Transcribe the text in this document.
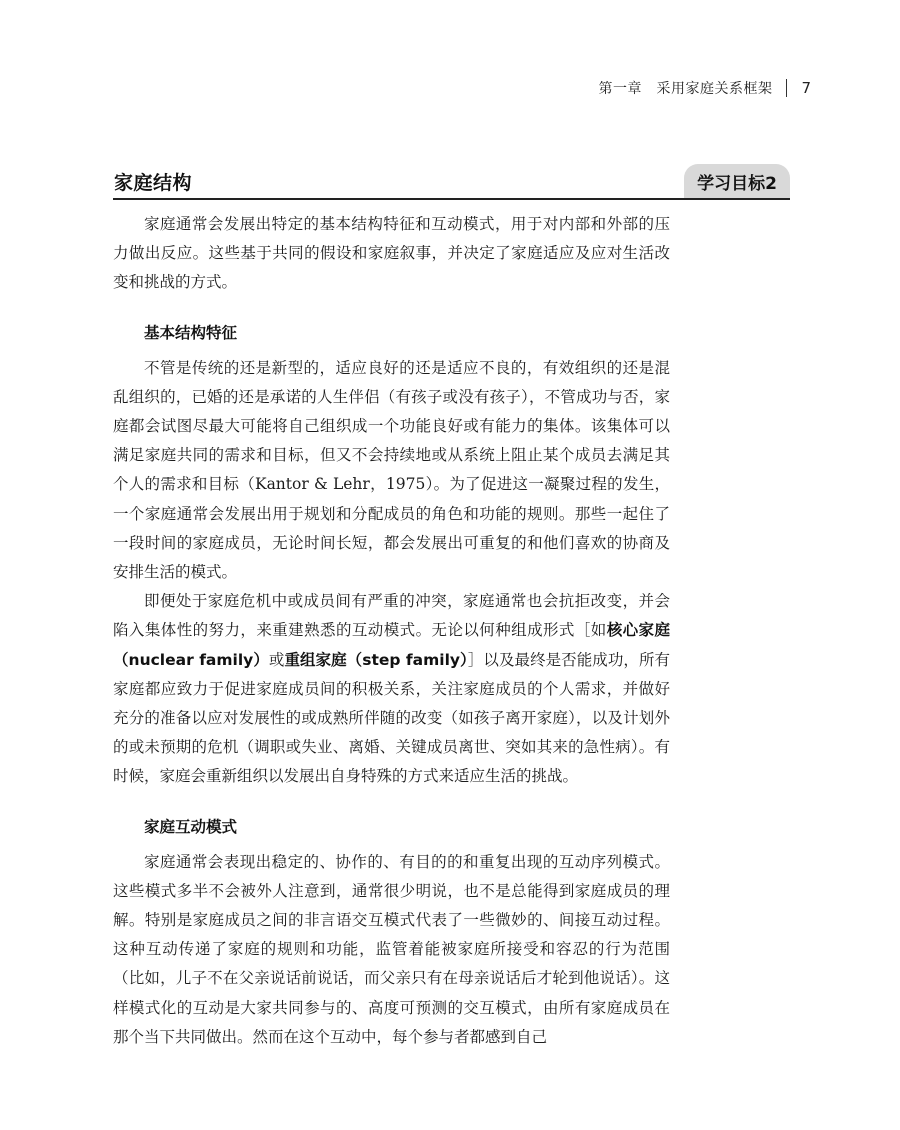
第一章　采用家庭关系框架 7
家庭结构	学习目标2

家庭通常会发展出特定的基本结构特征和互动模式，用于对内部和外部的压力做出反应。这些基于共同的假设和家庭叙事，并决定了家庭适应及应对生活改变和挑战的方式。

基本结构特征

不管是传统的还是新型的，适应良好的还是适应不良的，有效组织的还是混乱组织的，已婚的还是承诺的人生伴侣（有孩子或没有孩子），不管成功与否，家庭都会试图尽最大可能将自己组织成一个功能良好或有能力的集体。该集体可以满足家庭共同的需求和目标，但又不会持续地或从系统上阻止某个成员去满足其个人的需求和目标（Kantor & Lehr，1975）。为了促进这一凝聚过程的发生，一个家庭通常会发展出用于规划和分配成员的角色和功能的规则。那些一起住了一段时间的家庭成员，无论时间长短，都会发展出可重复的和他们喜欢的协商及安排生活的模式。

即便处于家庭危机中或成员间有严重的冲突，家庭通常也会抗拒改变，并会陷入集体性的努力，来重建熟悉的互动模式。无论以何种组成形式［如核心家庭（nuclear family）或重组家庭（step family）］以及最终是否能成功，所有家庭都应致力于促进家庭成员间的积极关系，关注家庭成员的个人需求，并做好充分的准备以应对发展性的或成熟所伴随的改变（如孩子离开家庭），以及计划外的或未预期的危机（调职或失业、离婚、关键成员离世、突如其来的急性病）。有时候，家庭会重新组织以发展出自身特殊的方式来适应生活的挑战。

家庭互动模式

家庭通常会表现出稳定的、协作的、有目的的和重复出现的互动序列模式。这些模式多半不会被外人注意到，通常很少明说，也不是总能得到家庭成员的理解。特别是家庭成员之间的非言语交互模式代表了一些微妙的、间接互动过程。这种互动传递了家庭的规则和功能，监管着能被家庭所接受和容忍的行为范围（比如，儿子不在父亲说话前说话，而父亲只有在母亲说话后才轮到他说话）。这样模式化的互动是大家共同参与的、高度可预测的交互模式，由所有家庭成员在那个当下共同做出。然而在这个互动中，每个参与者都感到自己
